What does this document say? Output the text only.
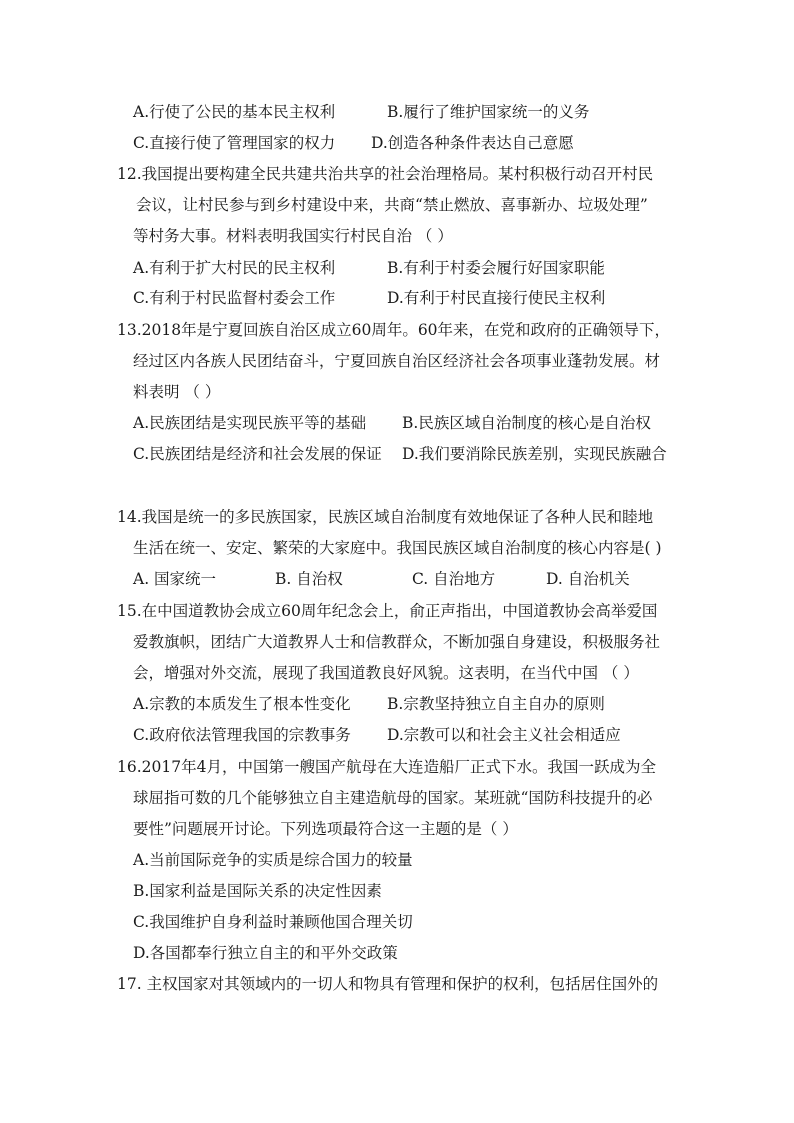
A.行使了公民的基本民主权利	B.履行了维护国家统一的义务
C.直接行使了管理国家的权力 D.创造各种条件表达自己意愿
12.我国提出要构建全民共建共治共享的社会治理格局。某村积极行动召开村民
会议，让村民参与到乡村建设中来，共商“禁止燃放、喜事新办、垃圾处理”
等村务大事。材料表明我国实行村民自治 （ ）
A.有利于扩大村民的民主权利	B.有利于村委会履行好国家职能
C.有利于村民监督村委会工作	D.有利于村民直接行使民主权利
13.2018年是宁夏回族自治区成立60周年。60年来，在党和政府的正确领导下，
经过区内各族人民团结奋斗，宁夏回族自治区经济社会各项事业蓬勃发展。材
料表明 （ ）
A.民族团结是实现民族平等的基础 B.民族区域自治制度的核心是自治权
C.民族团结是经济和社会发展的保证 D.我们要消除民族差别，实现民族融合
14.我国是统一的多民族国家，民族区域自治制度有效地保证了各种人民和睦地
生活在统一、安定、繁荣的大家庭中。我国民族区域自治制度的核心内容是( )
A. 国家统一	B. 自治权	C. 自治地方	D. 自治机关
15.在中国道教协会成立60周年纪念会上，俞正声指出，中国道教协会高举爱国
爱教旗帜，团结广大道教界人士和信教群众，不断加强自身建设，积极服务社
会，增强对外交流，展现了我国道教良好风貌。这表明，在当代中国 （ ）
A.宗教的本质发生了根本性变化 B.宗教坚持独立自主自办的原则
C.政府依法管理我国的宗教事务 D.宗教可以和社会主义社会相适应
16.2017年4月，中国第一艘国产航母在大连造船厂正式下水。我国一跃成为全
球屈指可数的几个能够独立自主建造航母的国家。某班就“国防科技提升的必
要性”问题展开讨论。下列选项最符合这一主题的是（ ）
A.当前国际竞争的实质是综合国力的较量
B.国家利益是国际关系的决定性因素
C.我国维护自身利益时兼顾他国合理关切
D.各国都奉行独立自主的和平外交政策
17. 主权国家对其领域内的一切人和物具有管理和保护的权利，包括居住国外的
